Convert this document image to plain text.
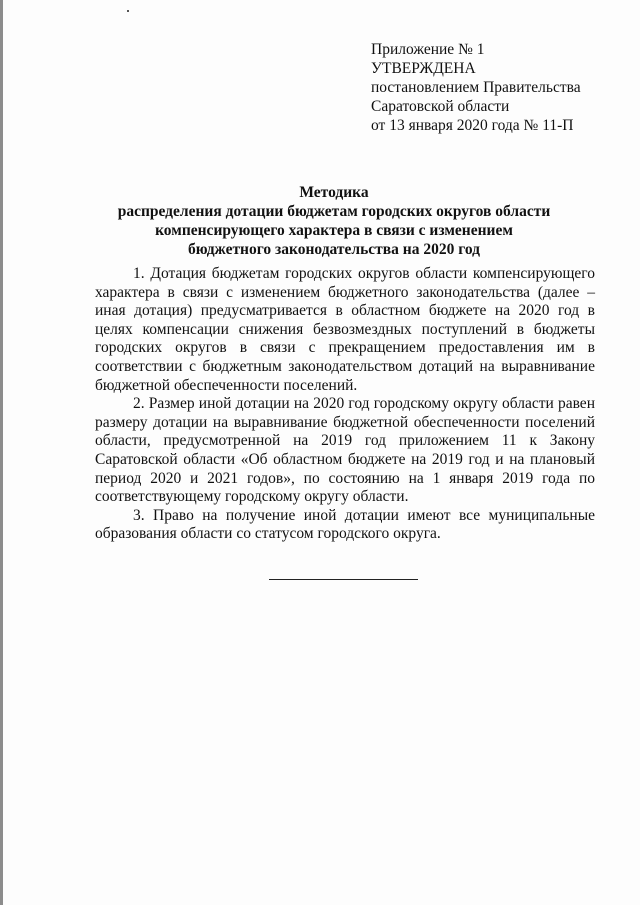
Приложение № 1

УТВЕРЖДЕНА

постановлением Правительства

Саратовской области

от 13 января 2020 года № 11-П

Методика
распределения дотации бюджетам городских округов области
компенсирующего характера в связи с изменением
бюджетного законодательства на 2020 год

1. Дотация бюджетам городских округов области компенсирующего характера в связи с изменением бюджетного законодательства (далее – иная дотация) предусматривается в областном бюджете на 2020 год в целях компенсации снижения безвозмездных поступлений в бюджеты городских округов в связи с прекращением предоставления им в соответствии с бюджетным законодательством дотаций на выравнивание бюджетной обеспеченности поселений.

2. Размер иной дотации на 2020 год городскому округу области равен размеру дотации на выравнивание бюджетной обеспеченности поселений области, предусмотренной на 2019 год приложением 11 к Закону Саратовской области «Об областном бюджете на 2019 год и на плановый период 2020 и 2021 годов», по состоянию на 1 января 2019 года по соответствующему городскому округу области.

3. Право на получение иной дотации имеют все муниципальные образования области со статусом городского округа.
